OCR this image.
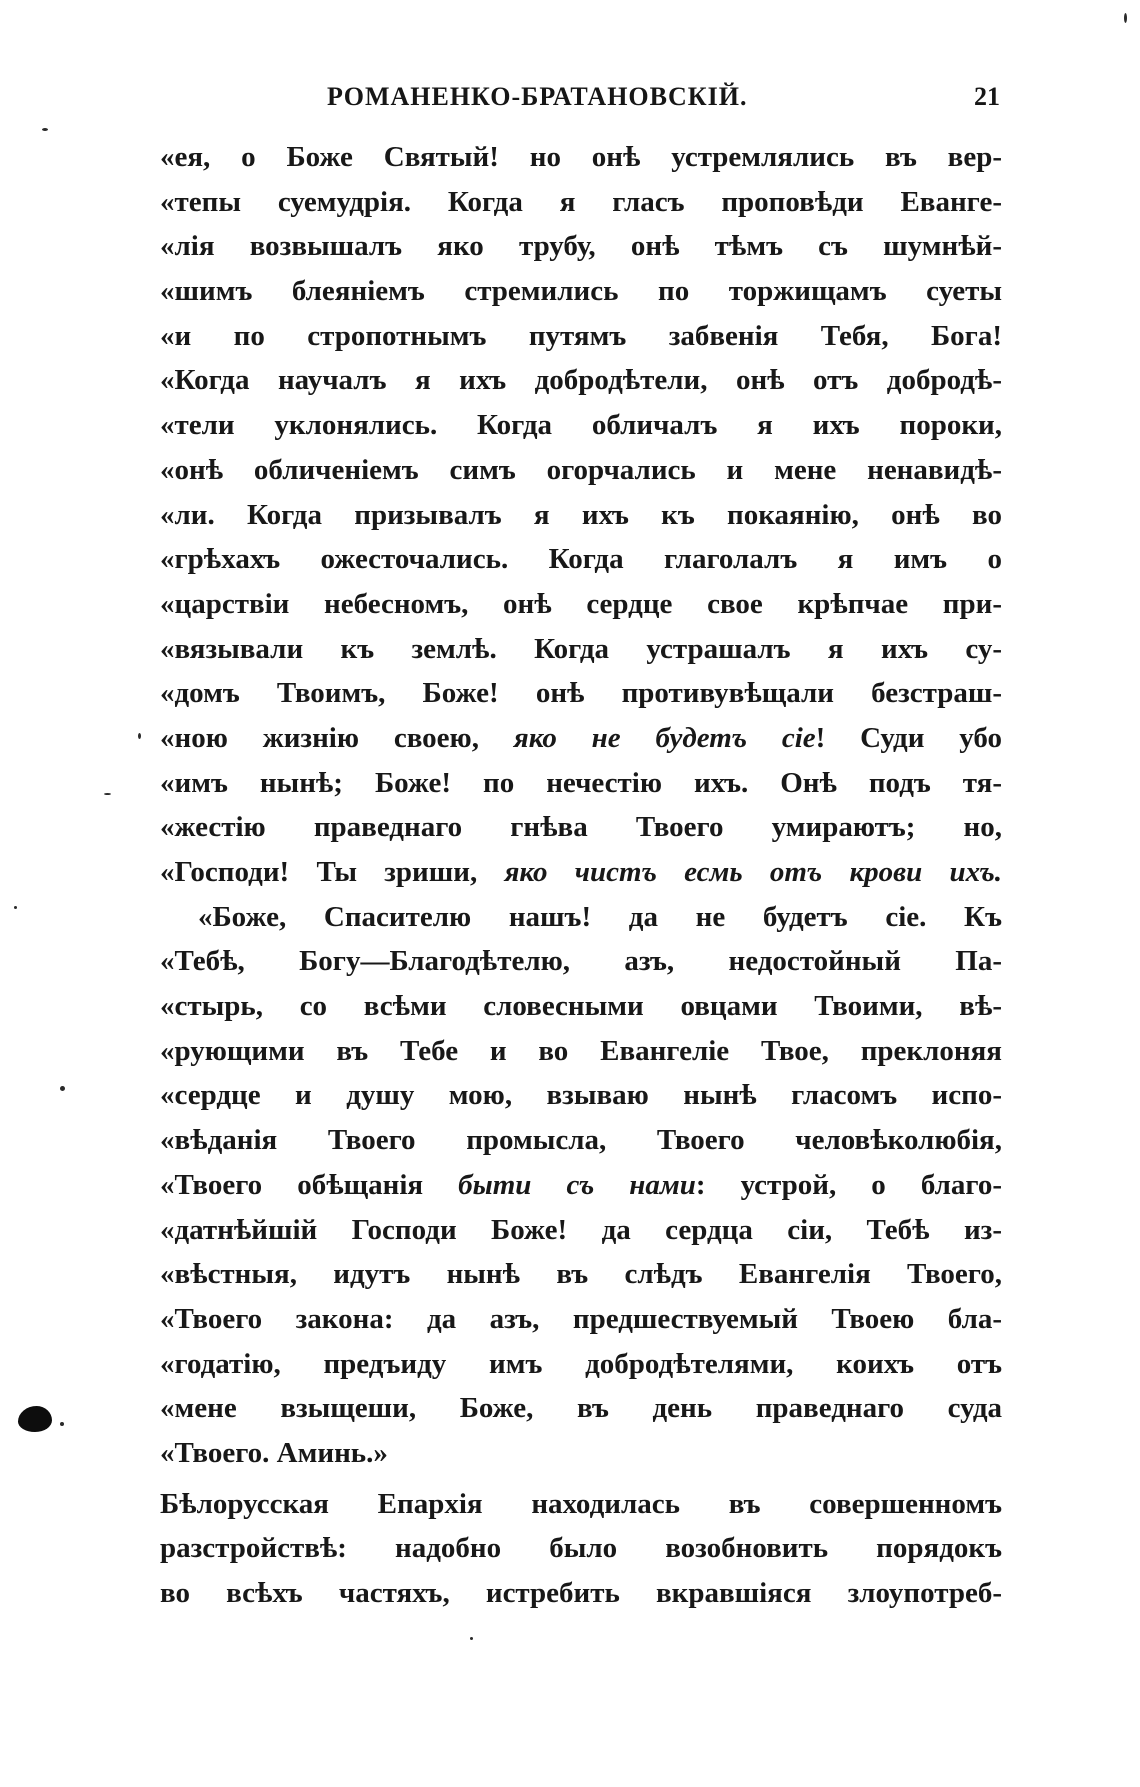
РОМАНЕНКО-БРАТАНОВСКІЙ.	21
«ея, о Боже Святый! но онѣ устремлялись въ вер-
«тепы суемудрія. Когда я гласъ проповѣди Еванге-
«лія возвышалъ яко трубу, онѣ тѣмъ съ шумнѣй-
«шимъ блеяніемъ стремились по торжищамъ суеты
«и по стропотнымъ путямъ забвенія Тебя, Бога!
«Когда научалъ я ихъ добродѣтели, онѣ отъ добродѣ-
«тели уклонялись. Когда обличалъ я ихъ пороки,
«онѣ обличеніемъ симъ огорчались и мене ненавидѣ-
«ли. Когда призывалъ я ихъ къ покаянію, онѣ во
«грѣхахъ ожесточались. Когда глаголалъ я имъ о
«царствіи небесномъ, онѣ сердце свое крѣпчае при-
«вязывали къ землѣ. Когда устрашалъ я ихъ су-
«домъ Твоимъ, Боже! онѣ противувѣщали безстраш-
«ною жизнію своею, яко не будетъ сіе! Суди убо
«имъ нынѣ; Боже! по нечестію ихъ. Онѣ подъ тя-
«жестію праведнаго гнѣва Твоего умираютъ; но,
«Господи! Ты зриши, яко чистъ есмь отъ крови ихъ.
«Боже, Спасителю нашъ! да не будетъ сіе. Къ
«Тебѣ, Богу—Благодѣтелю, азъ, недостойный Па-
«стырь, со всѣми словесными овцами Твоими, вѣ-
«рующими въ Тебе и во Евангеліе Твое, преклоняя
«сердце и душу мою, взываю нынѣ гласомъ испо-
«вѣданія Твоего промысла, Твоего человѣколюбія,
«Твоего обѣщанія быти съ нами: устрой, о благо-
«датнѣйшій Господи Боже! да сердца сіи, Тебѣ из-
«вѣстныя, идутъ нынѣ въ слѣдъ Евангелія Твоего,
«Твоего закона: да азъ, предшествуемый Твоею бла-
«годатію, предъиду имъ добродѣтелями, коихъ отъ
«мене взыщеши, Боже, въ день праведнаго суда
«Твоего. Аминь.»
Бѣлорусская Епархія находилась въ совершенномъ
разстройствѣ: надобно было возобновить порядокъ
во всѣхъ частяхъ, истребить вкравшіяся злоупотреб-
